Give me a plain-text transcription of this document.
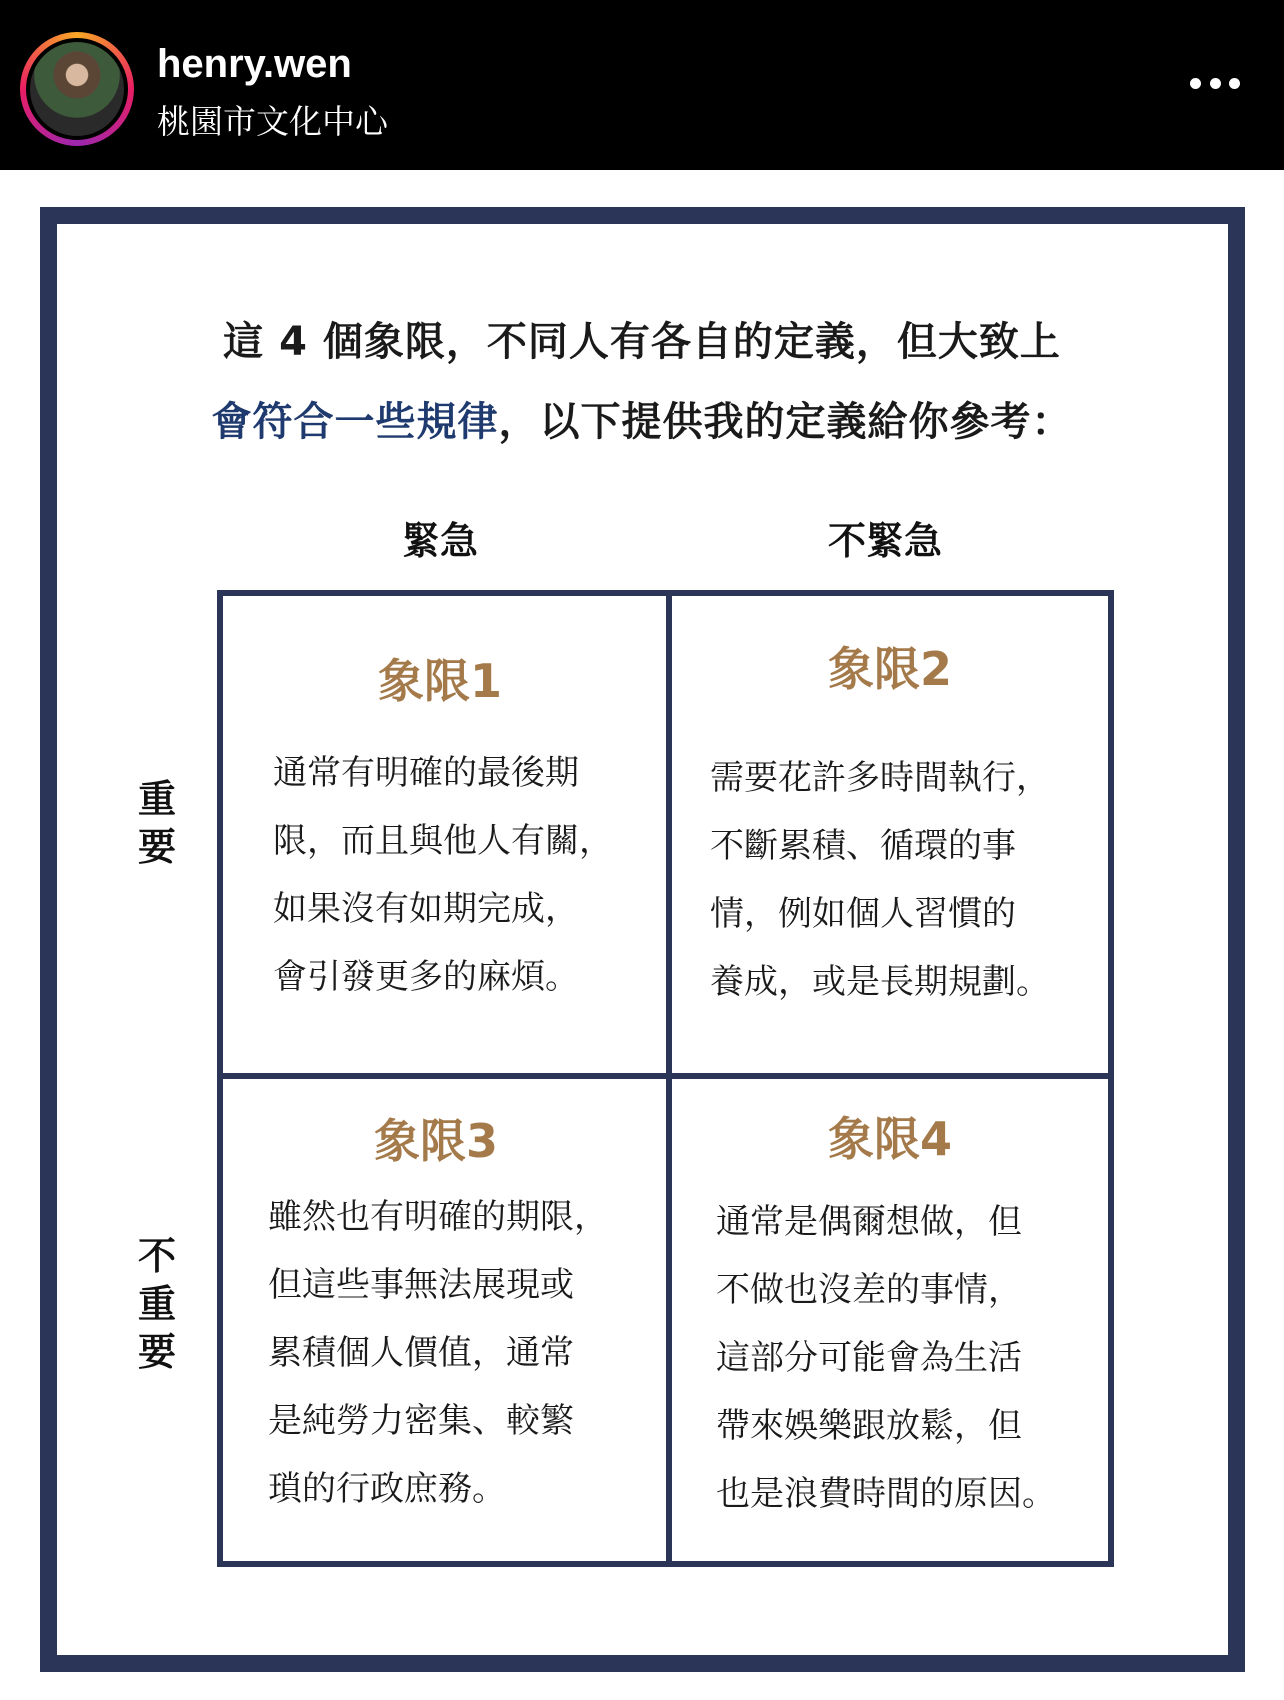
henry.wen
桃園市文化中心
這 4 個象限，不同人有各自的定義，但大致上
會符合一些規律，以下提供我的定義給你參考：
緊急	不緊急
重
要
不
重
要
象限1
通常有明確的最後期
限，而且與他人有關，
如果沒有如期完成，
會引發更多的麻煩。
象限2
需要花許多時間執行，
不斷累積、循環的事
情，例如個人習慣的
養成，或是長期規劃。
象限3
雖然也有明確的期限，
但這些事無法展現或
累積個人價值，通常
是純勞力密集、較繁
瑣的行政庶務。
象限4
通常是偶爾想做，但
不做也沒差的事情，
這部分可能會為生活
帶來娛樂跟放鬆，但
也是浪費時間的原因。
